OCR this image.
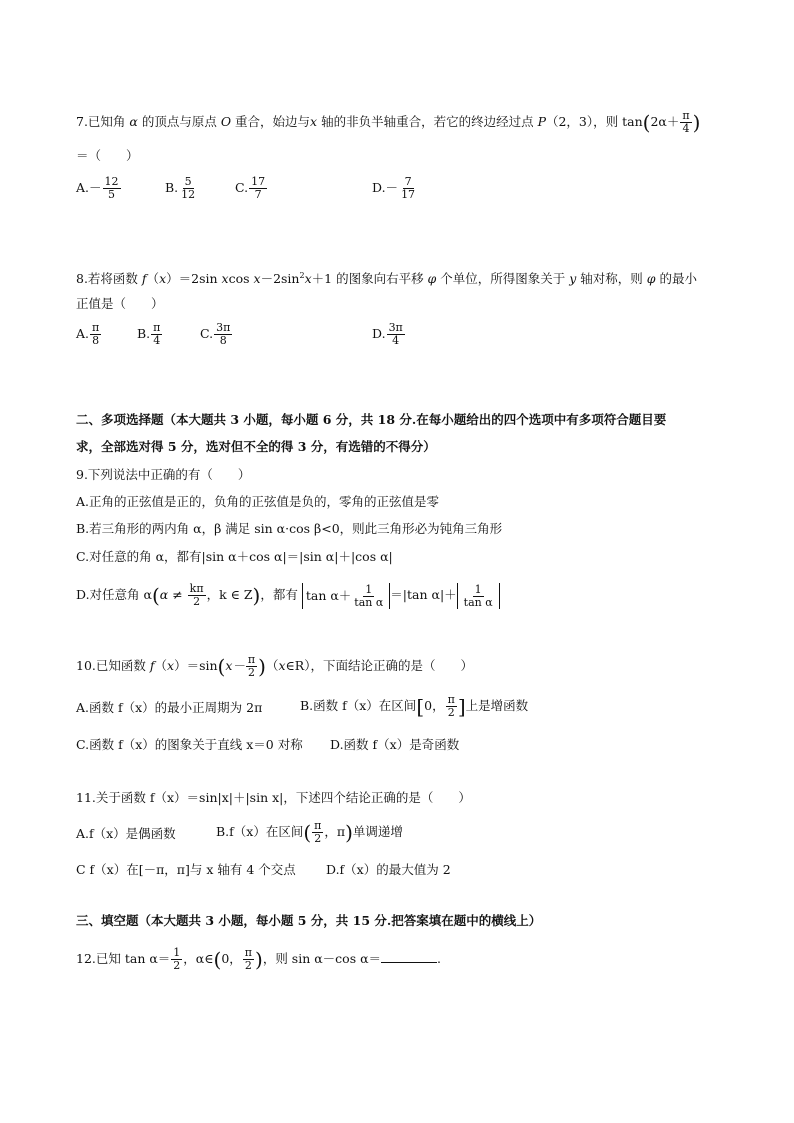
7.已知角 α 的顶点与原点 O 重合，始边与x 轴的非负半轴重合，若它的终边经过点 P（2，3），则 $\tan(2\alpha+ \frac{\pi}{4}$ )
＝（　　）
$A.- \frac{12}{5}$	B. $\frac{5}{12}$	C. $\frac{17}{7}$	$D.- \frac{7}{17}$
8.若将函数 f（x）＝2sin xcos $x-2\sin^2x+1$ 的图象向右平移 φ 个单位，所得图象关于 y 轴对称，则 φ 的最小
正值是（　　）
A. $\frac{\pi}{8}$	B. $\frac{\pi}{4}$	C. $\frac{3\pi}{8}$	D. $\frac{3\pi}{4}$
二、多项选择题（本大题共 3 小题，每小题 6 分，共 18 分.在每小题给出的四个选项中有多项符合题目要
求，全部选对得 5 分，选对但不全的得 3 分，有选错的不得分）
9.下列说法中正确的有（　　）
A.正角的正弦值是正的，负角的正弦值是负的，零角的正弦值是零
B.若三角形的两内角 α，β 满足 sin α·cos β<0，则此三角形必为钝角三角形
C.对任意的角 α，都有|sin α＋cos α|＝|sin α|＋|cos α|
D.对任意角 $\alpha(\alpha \ne \frac{k\pi}{2}$ ，k ∈ Z)，都有 $\tan \alpha+ \frac{1}{\text{tan α}} =|\tan$ $\alpha|+ \frac{1}{\text{tan α}}$
10.已知函数 $f(x)=\sin(x- \frac{\pi}{2}$ )（x∈R），下面结论正确的是（　　）
A.函数 f（x）的最小正周期为 2π	B.函数 f（x）在区间[0， $\frac{\pi}{2}$ ]上是增函数
C.函数 f（x）的图象关于直线 x＝0 对称 D.函数 f（x）是奇函数
11.关于函数 f（x）＝sin|x|＋|sin x|，下述四个结论正确的是（　　）
A.f（x）是偶函数	B.f（x）在区间( $\frac{\pi}{2}$ ，π)单调递增
C f（x）在[－π，π]与 x 轴有 4 个交点 D.f（x）的最大值为 2
三、填空题（本大题共 3 小题，每小题 5 分，共 15 分.把答案填在题中的横线上）
12.已知 $\tan \alpha= \frac{1}{2}$ ，α∈(0， $\frac{\pi}{2}$ )，则 sin α－cos α＝	.
